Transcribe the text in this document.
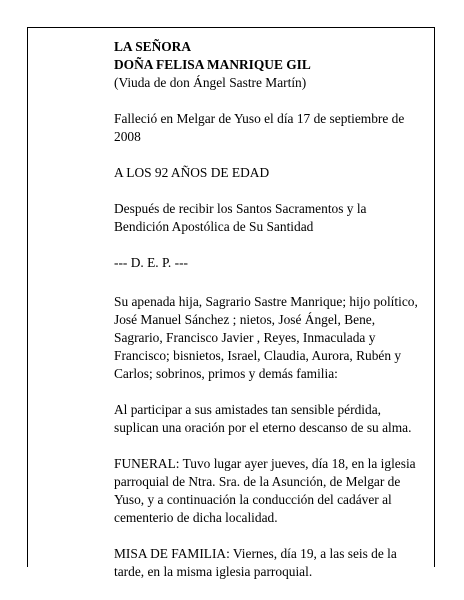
LA SEÑORA
DOÑA FELISA MANRIQUE GIL
(Viuda de don Ángel Sastre Martín)

Falleció en Melgar de Yuso el día 17 de septiembre de 2008

A LOS 92 AÑOS DE EDAD

Después de recibir los Santos Sacramentos y la Bendición Apostólica de Su Santidad

--- D. E. P. ---

Su apenada hija, Sagrario Sastre Manrique; hijo político, José Manuel Sánchez ; nietos, José Ángel, Bene, Sagrario, Francisco Javier , Reyes, Inmaculada y Francisco; bisnietos, Israel, Claudia, Aurora, Rubén y Carlos; sobrinos, primos y demás familia:

Al participar a sus amistades tan sensible pérdida, suplican una oración por el eterno descanso de su alma.

FUNERAL: Tuvo lugar ayer jueves, día 18, en la iglesia parroquial de Ntra. Sra. de la Asunción, de Melgar de Yuso, y a continuación la conducción del cadáver al cementerio de dicha localidad.

MISA DE FAMILIA: Viernes, día 19, a las seis de la tarde, en la misma iglesia parroquial.
